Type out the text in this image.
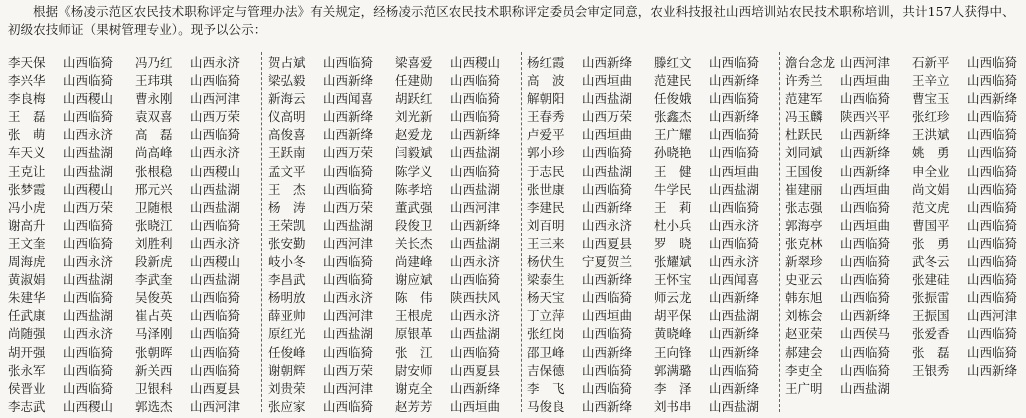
根据《杨凌示范区农民技术职称评定与管理办法》有关规定，经杨凌示范区农民技术职称评定委员会审定同意，农业科技报社山西培训站农民技术职称培训，共计157人获得中、初级农技师证（果树管理专业）。现予以公示：
李天保 山西临猗 冯乃红 山西永济
李兴华 山西临猗 王玮琪 山西临猗
李良梅 山西稷山 曹永刚 山西河津
王　磊 山西临猗 袁双喜 山西万荣
张　萌 山西永济 高　磊 山西临猗
车天义 山西盐湖 尚高峰 山西永济
王克让 山西盐湖 张根稳 山西稷山
张梦霞 山西稷山 邢元兴 山西盐湖
冯小虎 山西万荣 卫随根 山西盐湖
谢高升 山西临猗 张晓江 山西临猗
王文奎 山西临猗 刘胜利 山西永济
周海虎 山西永济 段新虎 山西稷山
黄淑娟 山西盐湖 李武奎 山西盐湖
朱建华 山西临猗 吴俊英 山西临猗
任武康 山西盐湖 崔占英 山西临猗
尚随强 山西永济 马泽刚 山西临猗
胡开强 山西临猗 张朝晖 山西临猗
张永军 山西临猗 新关西 山西临猗
侯晋业 山西临猗 卫银科 山西夏县
李志武 山西稷山 郭选杰 山西河津
贺占斌 山西临猗 梁喜爱 山西稷山
梁弘毅 山西新绛 任建勋 山西临猗
新海云 山西闻喜 胡跃红 山西临猗
仪高明 山西新绛 刘光新 山西临猗
高俊喜 山西新绛 赵爱龙 山西新绛
王跃南 山西万荣 闫毅斌 山西盐湖
孟文平 山西临猗 陈学义 山西临猗
王　杰 山西临猗 陈孝培 山西盐湖
杨　涛 山西万荣 董武强 山西河津
王荣凯 山西盐湖 段俊卫 山西新绛
张安勤 山西河津 关长杰 山西盐湖
岐小冬 山西临猗 尚建峰 山西永济
李昌武 山西临猗 谢应斌 山西临猗
杨明放 山西永济 陈　伟 陕西扶风
薛亚帅 山西河津 王根虎 山西永济
原红光 山西盐湖 原银革 山西盐湖
任俊峰 山西临猗 张　江 山西临猗
谢朝辉 山西万荣 尉安师 山西夏县
刘贵荣 山西河津 谢克全 山西新绛
张应家 山西临猗 赵芳芳 山西垣曲
杨红霞 山西新绛 滕红文 山西临猗
高　波 山西垣曲 范建民 山西新绛
解朝阳 山西盐湖 任俊娥 山西临猗
王春秀 山西万荣 张鑫杰 山西新绛
卢爱平 山西垣曲 王广耀 山西临猗
郭小珍 山西临猗 孙晓艳 山西临猗
于志民 山西盐湖 王　健 山西垣曲
张世康 山西临猗 牛学民 山西盐湖
李建民 山西新绛 王　莉 山西临猗
刘百明 山西永济 杜小兵 山西永济
王三来 山西夏县 罗　晓 山西临猗
杨伏生 宁夏贺兰 张耀斌 山西永济
梁泰生 山西新绛 王怀宝 山西闻喜
杨天宝 山西临猗 师云龙 山西新绛
丁立萍 山西垣曲 胡平保 山西盐湖
张红岗 山西临猗 黄晓峰 山西新绛
邵卫峰 山西新绛 王向锋 山西新绛
吉保德 山西临猗 郭满璐 山西临猗
李　飞 山西临猗 李　泽 山西新绛
马俊良 山西新绛 刘书串 山西盐湖
澹台念龙 山西河津 石新平 山西临猗
许秀兰 山西垣曲 王辛立 山西临猗
范建军 山西临猗 曹宝玉 山西新绛
冯玉麟 陕西兴平 张红珍 山西临猗
杜跃民 山西新绛 王洪斌 山西临猗
刘同斌 山西新绛 姚　勇 山西临猗
王国俊 山西新绛 申全业 山西临猗
崔建丽 山西垣曲 尚文娟 山西临猗
张志强 山西临猗 范文虎 山西临猗
郭海亭 山西垣曲 曹国平 山西临猗
张克林 山西临猗 张　勇 山西临猗
新翠珍 山西临猗 武冬云 山西临猗
史亚云 山西临猗 张建硅 山西临猗
韩东旭 山西临猗 张振雷 山西临猗
刘栋会 山西新绛 王振国 山西河津
赵亚荣 山西侯马 张爱香 山西临猗
郝建会 山西临猗 张　磊 山西临猗
李吏全 山西临猗 王银秀 山西新绛
王广明 山西盐湖
